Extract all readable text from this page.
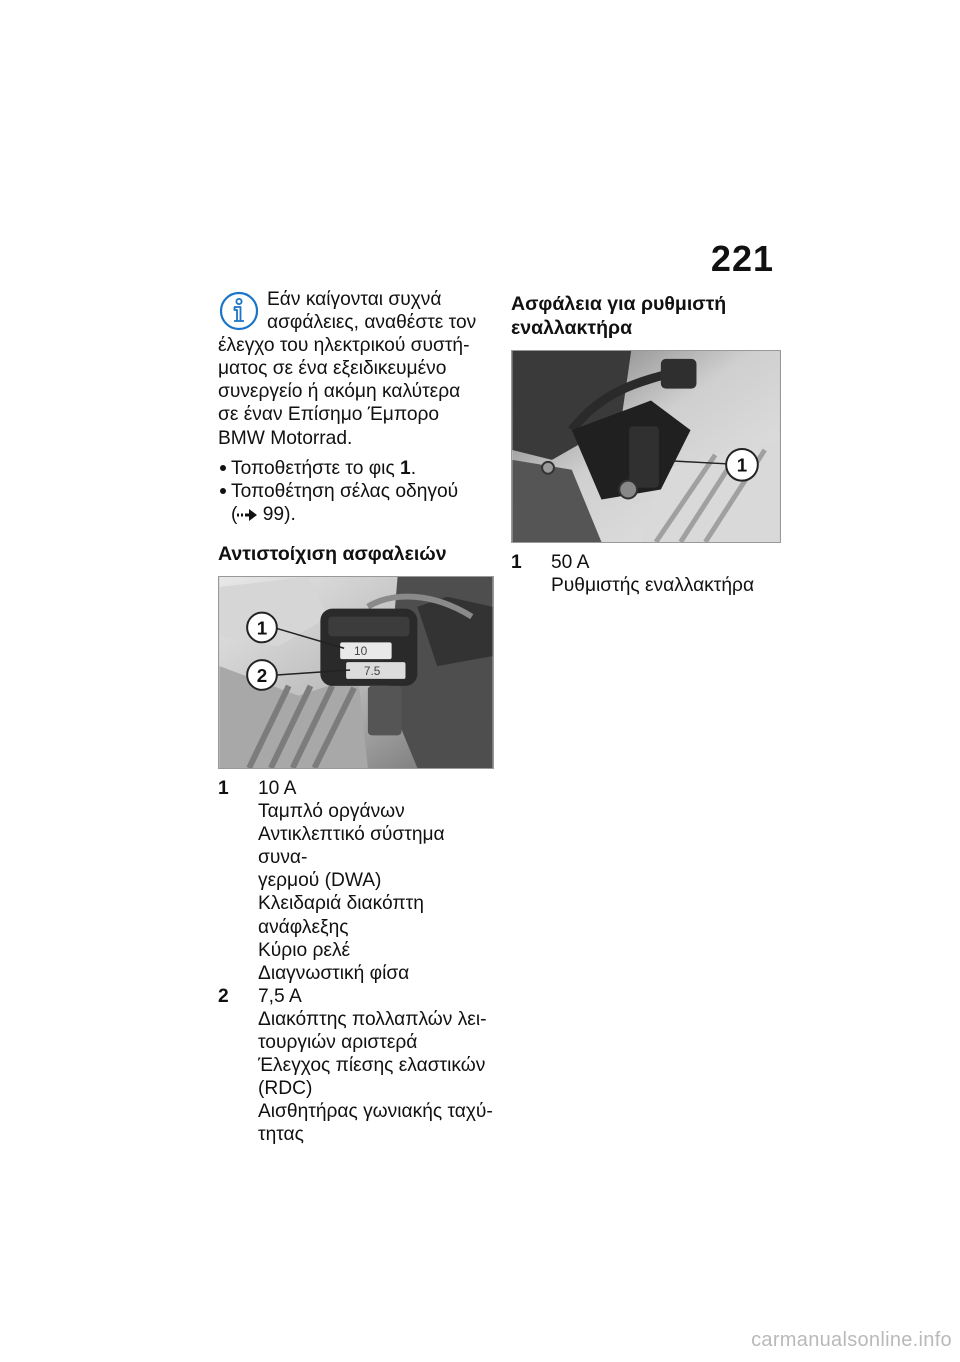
221
Εάν καίγονται συχνά
ασφάλειες, αναθέστε τον
έλεγχο του ηλεκτρικού συστή-
ματος σε ένα εξειδικευμένο
συνεργείο ή ακόμη καλύτερα
σε έναν Επίσημο Έμπορο
BMW Motorrad.
Τοποθετήστε το φις 1.
Τοποθέτηση σέλας οδηγού
( 99).
Αντιστοίχιση ασφαλειών
10
7.5
1
2
1 10 A
Ταμπλό οργάνων
Αντικλεπτικό σύστημα συνα-
γερμού (DWA)
Κλειδαριά διακόπτη
ανάφλεξης
Κύριο ρελέ
Διαγνωστική φίσα
2 7,5 A
Διακόπτης πολλαπλών λει-
τουργιών αριστερά
Έλεγχος πίεσης ελαστικών
(RDC)
Αισθητήρας γωνιακής ταχύ-
τητας
Ασφάλεια για ρυθμιστή
εναλλακτήρα
1
1 50 A
Ρυθμιστής εναλλακτήρα
carmanualsonline.info
